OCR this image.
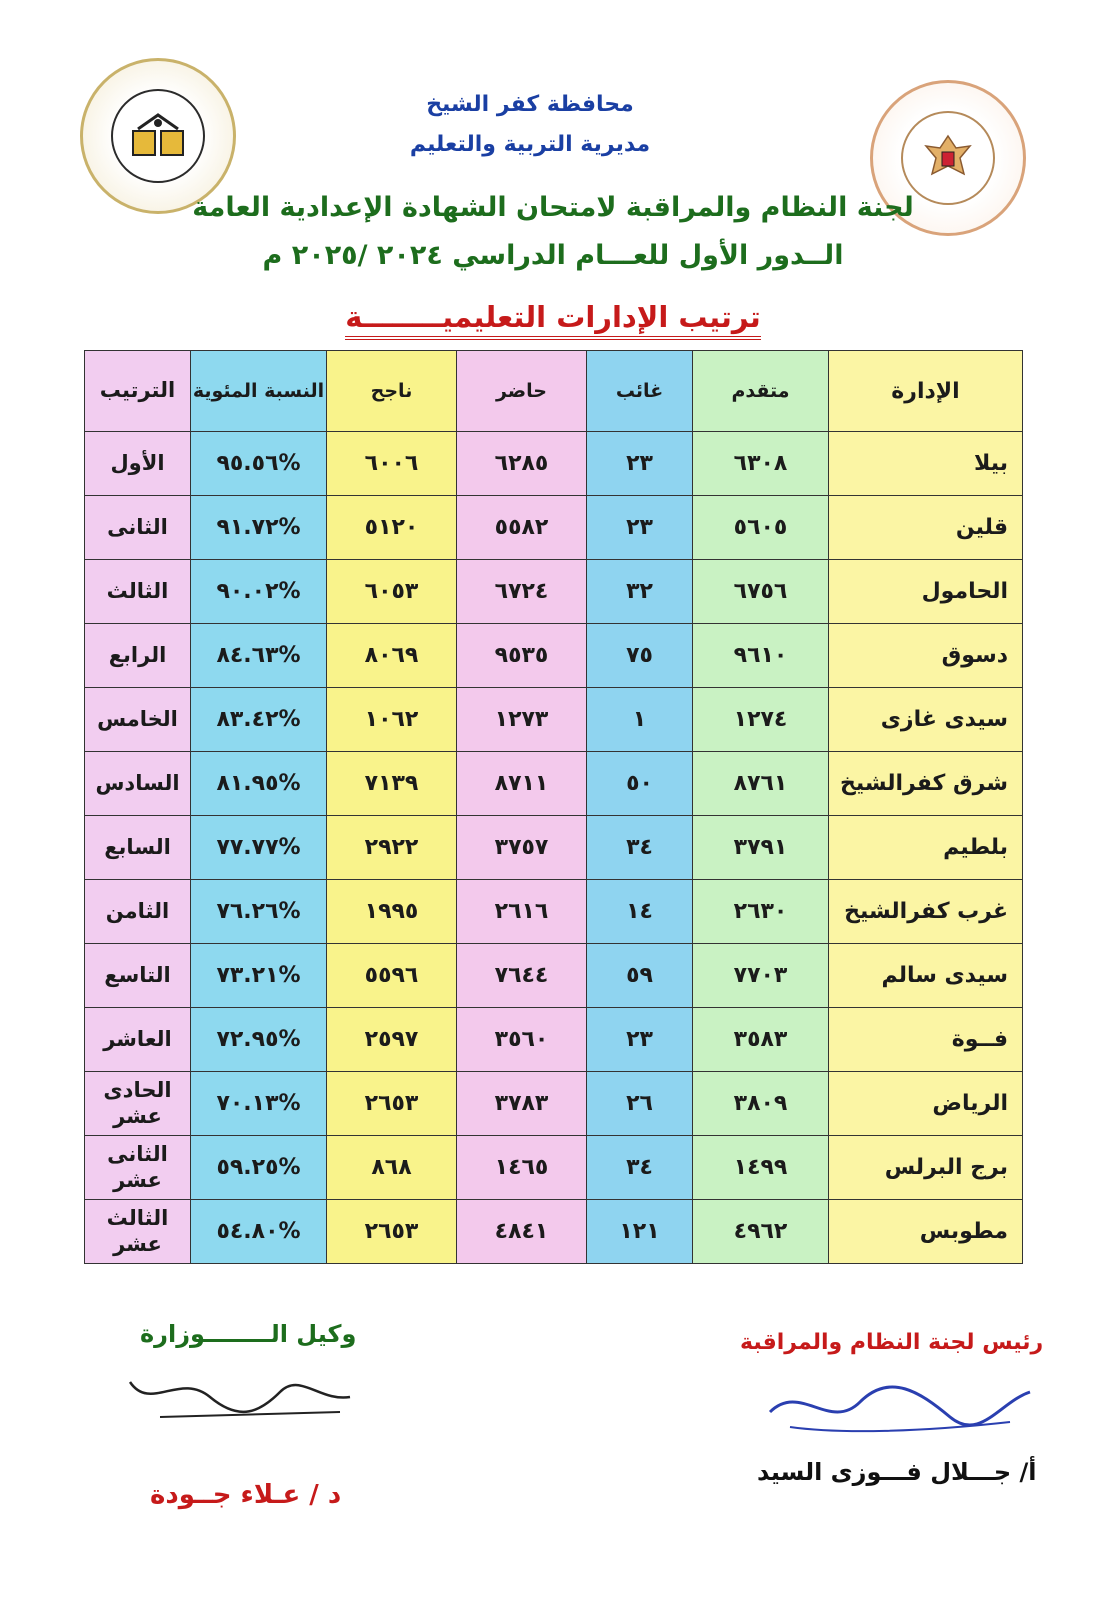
محافظة كفر الشيخ
مديرية التربية والتعليم
لجنة النظام والمراقبة لامتحان الشهادة الإعدادية العامة
الــدور الأول للعـــام الدراسي ٢٠٢٤ /٢٠٢٥ م
ترتيب الإدارات التعليميــــــــة
الإدارة	متقدم	غائب	حاضر	ناجح	النسبة المئوية	الترتيب
بيلا	٦٣٠٨	٢٣	٦٢٨٥	٦٠٠٦	%٩٥.٥٦	الأول
قلين	٥٦٠٥	٢٣	٥٥٨٢	٥١٢٠	%٩١.٧٢	الثانى
الحامول	٦٧٥٦	٣٢	٦٧٢٤	٦٠٥٣	%٩٠.٠٢	الثالث
دسوق	٩٦١٠	٧٥	٩٥٣٥	٨٠٦٩	%٨٤.٦٣	الرابع
سيدى غازى	١٢٧٤	١	١٢٧٣	١٠٦٢	%٨٣.٤٢	الخامس
شرق كفرالشيخ	٨٧٦١	٥٠	٨٧١١	٧١٣٩	%٨١.٩٥	السادس
بلطيم	٣٧٩١	٣٤	٣٧٥٧	٢٩٢٢	%٧٧.٧٧	السابع
غرب كفرالشيخ	٢٦٣٠	١٤	٢٦١٦	١٩٩٥	%٧٦.٢٦	الثامن
سيدى سالم	٧٧٠٣	٥٩	٧٦٤٤	٥٥٩٦	%٧٣.٢١	التاسع
فــوة	٣٥٨٣	٢٣	٣٥٦٠	٢٥٩٧	%٧٢.٩٥	العاشر
الرياض	٣٨٠٩	٢٦	٣٧٨٣	٢٦٥٣	%٧٠.١٣	الحادى عشر
برج البرلس	١٤٩٩	٣٤	١٤٦٥	٨٦٨	%٥٩.٢٥	الثانى عشر
مطوبس	٤٩٦٢	١٢١	٤٨٤١	٢٦٥٣	%٥٤.٨٠	الثالث عشر
رئيس لجنة النظام والمراقبة
أ/ جـــلال فـــوزى السيد
وكيل الــــــــوزارة
د / عـلاء جــودة
